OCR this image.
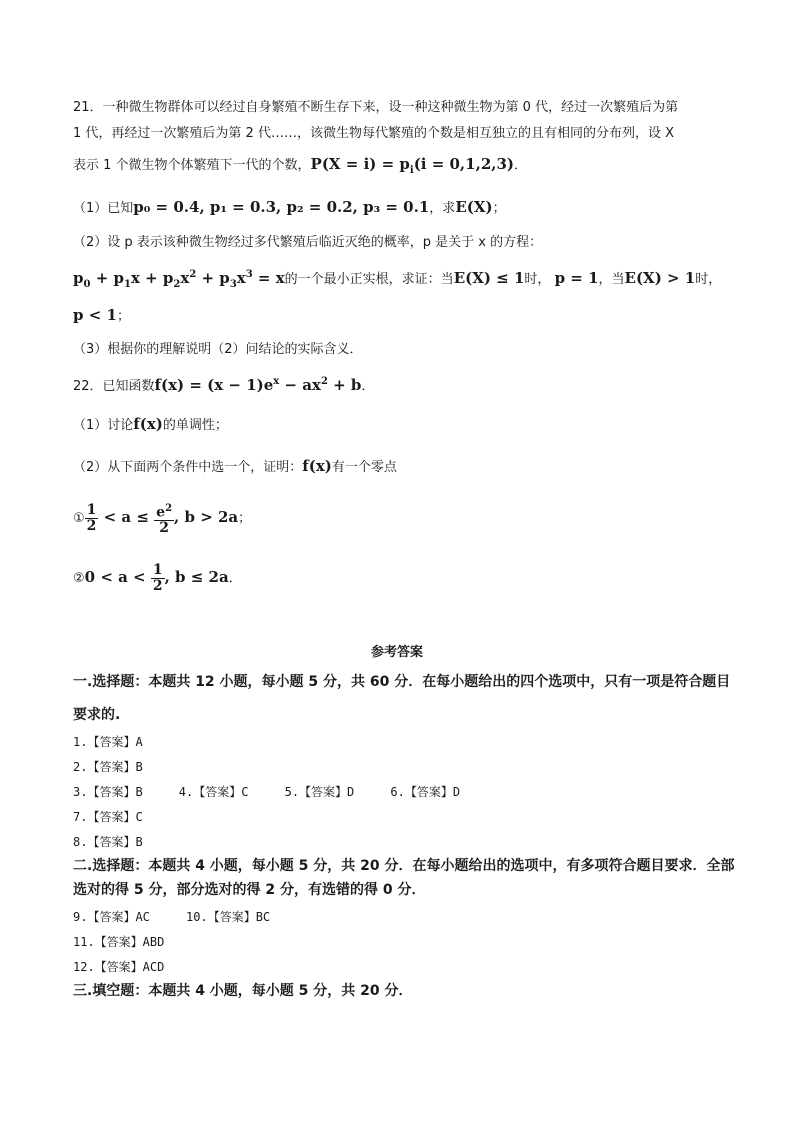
21．一种微生物群体可以经过自身繁殖不断生存下来，设一种这种微生物为第 0 代，经过一次繁殖后为第
1 代，再经过一次繁殖后为第 2 代……，该微生物每代繁殖的个数是相互独立的且有相同的分布列，设 X
表示 1 个微生物个体繁殖下一代的个数，$P(X = i) = p_i(i = 0,1,2,3)$．
（1）已知p₀ = 0.4, p₁ = 0.3, p₂ = 0.2, p₃ = 0.1，求E(X)；
（2）设 p 表示该种微生物经过多代繁殖后临近灭绝的概率，p 是关于 x 的方程：
$p_0 + p_1x + p_2x^2 + p_3x^3 = x$的一个最小正实根，求证：当E(X) ≤ 1时， p = 1，当E(X) > 1时，
p < 1；
（3）根据你的理解说明（2）问结论的实际含义．
22．已知函数$f(x) = (x - 1)e^x - ax^2 + b$．
（1）讨论f(x)的单调性；
（2）从下面两个条件中选一个，证明：f(x)有一个零点
① $\frac{1}{2} < a \le \frac{e^2}{2}$ , b > 2a；
②0 < $a < \frac{1}{2}$ , b ≤ 2a．
参考答案
一.选择题：本题共 12 小题，每小题 5 分，共 60 分．在每小题给出的四个选项中，只有一项是符合题目
要求的.
1.【答案】A
2.【答案】B
3.【答案】B     4.【答案】C     5.【答案】D     6.【答案】D
7.【答案】C
8.【答案】B
二.选择题：本题共 4 小题，每小题 5 分，共 20 分．在每小题给出的选项中，有多项符合题目要求．全部
选对的得 5 分，部分选对的得 2 分，有选错的得 0 分．
9.【答案】AC     10.【答案】BC
11.【答案】ABD
12.【答案】ACD
三.填空题：本题共 4 小题，每小题 5 分，共 20 分．
